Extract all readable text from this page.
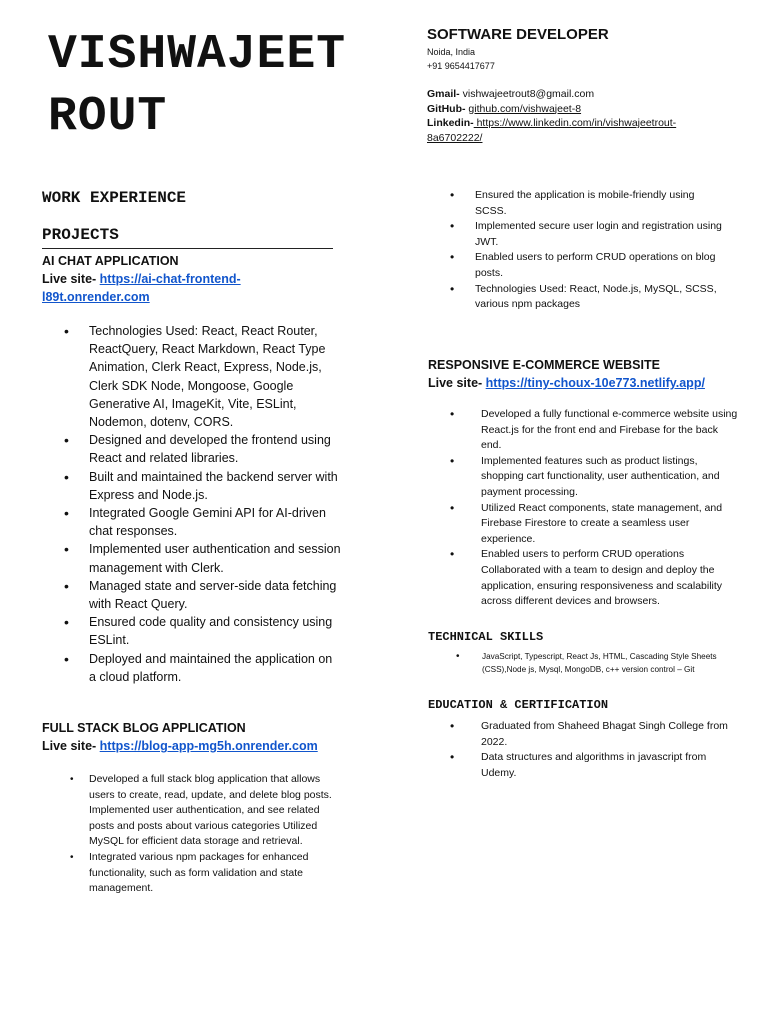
VISHWAJEET
ROUT
SOFTWARE DEVELOPER
Noida, India
+91 9654417677
Gmail- vishwajeetrout8@gmail.com
GitHub- github.com/vishwajeet-8
Linkedin- https://www.linkedin.com/in/vishwajeetrout-
8a6702222/
WORK EXPERIENCE
PROJECTS
AI CHAT APPLICATION
Live site- https://ai-chat-frontend-
l89t.onrender.com
• Technologies Used: React, React Router, ReactQuery, React Markdown, React Type Animation, Clerk React, Express, Node.js, Clerk SDK Node, Mongoose, Google Generative AI, ImageKit, Vite, ESLint, Nodemon, dotenv, CORS.
• Designed and developed the frontend using React and related libraries.
• Built and maintained the backend server with Express and Node.js.
• Integrated Google Gemini API for AI-driven chat responses.
• Implemented user authentication and session management with Clerk.
• Managed state and server-side data fetching with React Query.
• Ensured code quality and consistency using ESLint.
• Deployed and maintained the application on a cloud platform.
FULL STACK BLOG APPLICATION
Live site- https://blog-app-mg5h.onrender.com
• Developed a full stack blog application that allows users to create, read, update, and delete blog posts. Implemented user authentication, and see related posts and posts about various categories Utilized MySQL for efficient data storage and retrieval.
• Integrated various npm packages for enhanced functionality, such as form validation and state management.
• Ensured the application is mobile-friendly using SCSS.
• Implemented secure user login and registration using JWT.
• Enabled users to perform CRUD operations on blog posts.
• Technologies Used: React, Node.js, MySQL, SCSS, various npm packages
RESPONSIVE E-COMMERCE WEBSITE
Live site- https://tiny-choux-10e773.netlify.app/
• Developed a fully functional e-commerce website using React.js for the front end and Firebase for the back end.
• Implemented features such as product listings, shopping cart functionality, user authentication, and payment processing.
• Utilized React components, state management, and Firebase Firestore to create a seamless user experience.
• Enabled users to perform CRUD operations Collaborated with a team to design and deploy the application, ensuring responsiveness and scalability across different devices and browsers.
TECHNICAL SKILLS
• JavaScript, Typescript, React Js, HTML, Cascading Style Sheets (CSS),Node js, Mysql, MongoDB, c++ version control – Git
EDUCATION & CERTIFICATION
• Graduated from Shaheed Bhagat Singh College from 2022.
• Data structures and algorithms in javascript from Udemy.
